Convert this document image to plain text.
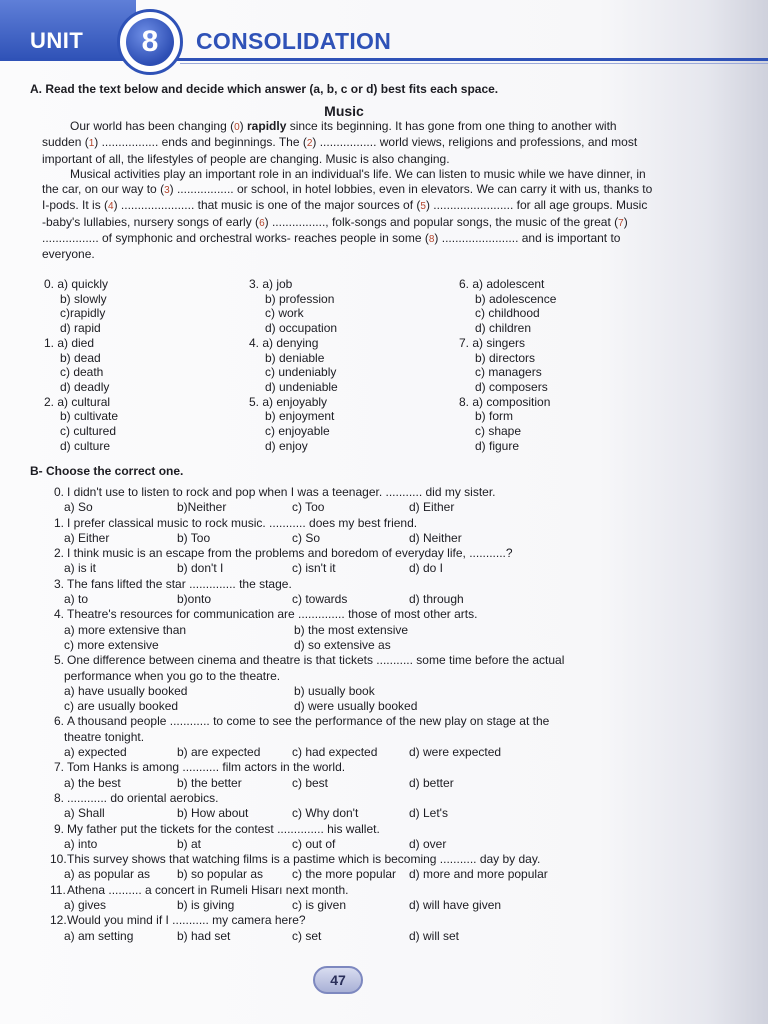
UNIT	8	CONSOLIDATION
A. Read the text below and decide which answer (a, b, c or d) best fits each space.
Music

Our world has been changing (0) rapidly since its beginning. It has gone from one thing to another with sudden (1) ................. ends and beginnings. The (2) ................. world views, religions and professions, and most important of all, the lifestyles of people are changing. Music is also changing.

Musical activities play an important role in an individual's life. We can listen to music while we have dinner, in the car, on our way to (3) ................. or school, in hotel lobbies, even in elevators. We can carry it with us, thanks to I-pods. It is (4) ...................... that music is one of the major sources of (5) ........................ for all age groups. Music -baby's lullabies, nursery songs of early (6) ................, folk-songs and popular songs, the music of the great (7) ................. of symphonic and orchestral works- reaches people in some (8) ....................... and is important to everyone.

0. a) quickly
b) slowly
c)rapidly
d) rapid
1. a) died
b) dead
c) death
d) deadly
2. a) cultural
b) cultivate
c) cultured
d) culture
3. a) job
b) profession
c) work
d) occupation
4. a) denying
b) deniable
c) undeniably
d) undeniable
5. a) enjoyably
b) enjoyment
c) enjoyable
d) enjoy
6. a) adolescent
b) adolescence
c) childhood
d) children
7. a) singers
b) directors
c) managers
d) composers
8. a) composition
b) form
c) shape
d) figure
B- Choose the correct one.
0. I didn't use to listen to rock and pop when I was a teenager. ........... did my sister.
a) So	b)Neither	c) Too	d) Either
1. I prefer classical music to rock music. ........... does my best friend.
a) Either	b) Too	c) So	d) Neither
2. I think music is an escape from the problems and boredom of everyday life, ...........?
a) is it	b) don't I	c) isn't it	d) do I
3. The fans lifted the star .............. the stage.
a) to	b)onto	c) towards	d) through
4. Theatre's resources for communication are .............. those of most other arts.
a) more extensive than	b) the most extensive
c) more extensive	d) so extensive as
5. One difference between cinema and theatre is that tickets ........... some time before the actual
performance when you go to the theatre.
a) have usually booked	b) usually book
c) are usually booked	d) were usually booked
6. A thousand people ............ to come to see the performance of the new play on stage at the
theatre tonight.
a) expected	b) are expected	c) had expected	d) were expected
7. Tom Hanks is among ........... film actors in the world.
a) the best	b) the better	c) best	d) better
8. ............ do oriental aerobics.
a) Shall	b) How about	c) Why don't	d) Let's
9. My father put the tickets for the contest .............. his wallet.
a) into	b) at	c) out of	d) over
10.This survey shows that watching films is a pastime which is becoming ........... day by day.
a) as popular as b) so popular as c) the more popular d) more and more popular
11.Athena .......... a concert in Rumeli Hisarı next month.
a) gives	b) is giving	c) is given	d) will have given
12.Would you mind if I ........... my camera here?
a) am setting	b) had set	c) set	d) will set
47
